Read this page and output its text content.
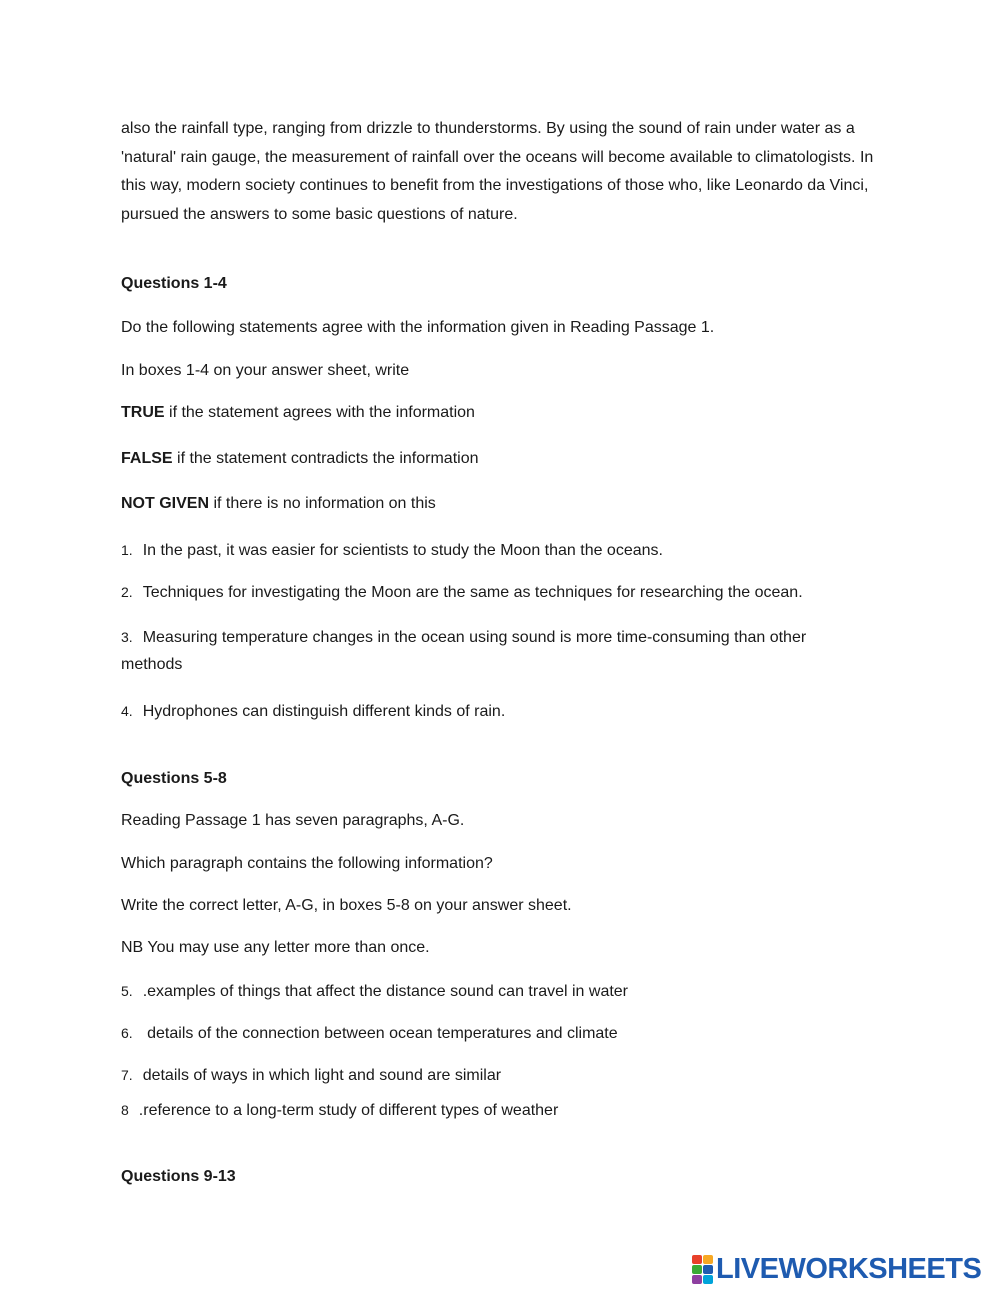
also the rainfall type, ranging from drizzle to thunderstorms. By using the sound of rain under water as a 'natural' rain gauge, the measurement of rainfall over the oceans will become available to climatologists. In this way, modern society continues to benefit from the investigations of those who, like Leonardo da Vinci, pursued the answers to some basic questions of nature.

Questions 1-4
Do the following statements agree with the information given in Reading Passage 1.
In boxes 1-4 on your answer sheet, write
TRUE if the statement agrees with the information
FALSE if the statement contradicts the information
NOT GIVEN if there is no information on this
1. In the past, it was easier for scientists to study the Moon than the oceans.
2. Techniques for investigating the Moon are the same as techniques for researching the ocean.
3. Measuring temperature changes in the ocean using sound is more time-consuming than other
methods
4. Hydrophones can distinguish different kinds of rain.
Questions 5-8
Reading Passage 1 has seven paragraphs, A-G.
Which paragraph contains the following information?
Write the correct letter, A-G, in boxes 5-8 on your answer sheet.
NB You may use any letter more than once.
5. .examples of things that affect the distance sound can travel in water
6. details of the connection between ocean temperatures and climate
7. details of ways in which light and sound are similar
8 .reference to a long-term study of different types of weather
Questions 9-13
LIVEWORKSHEETS
